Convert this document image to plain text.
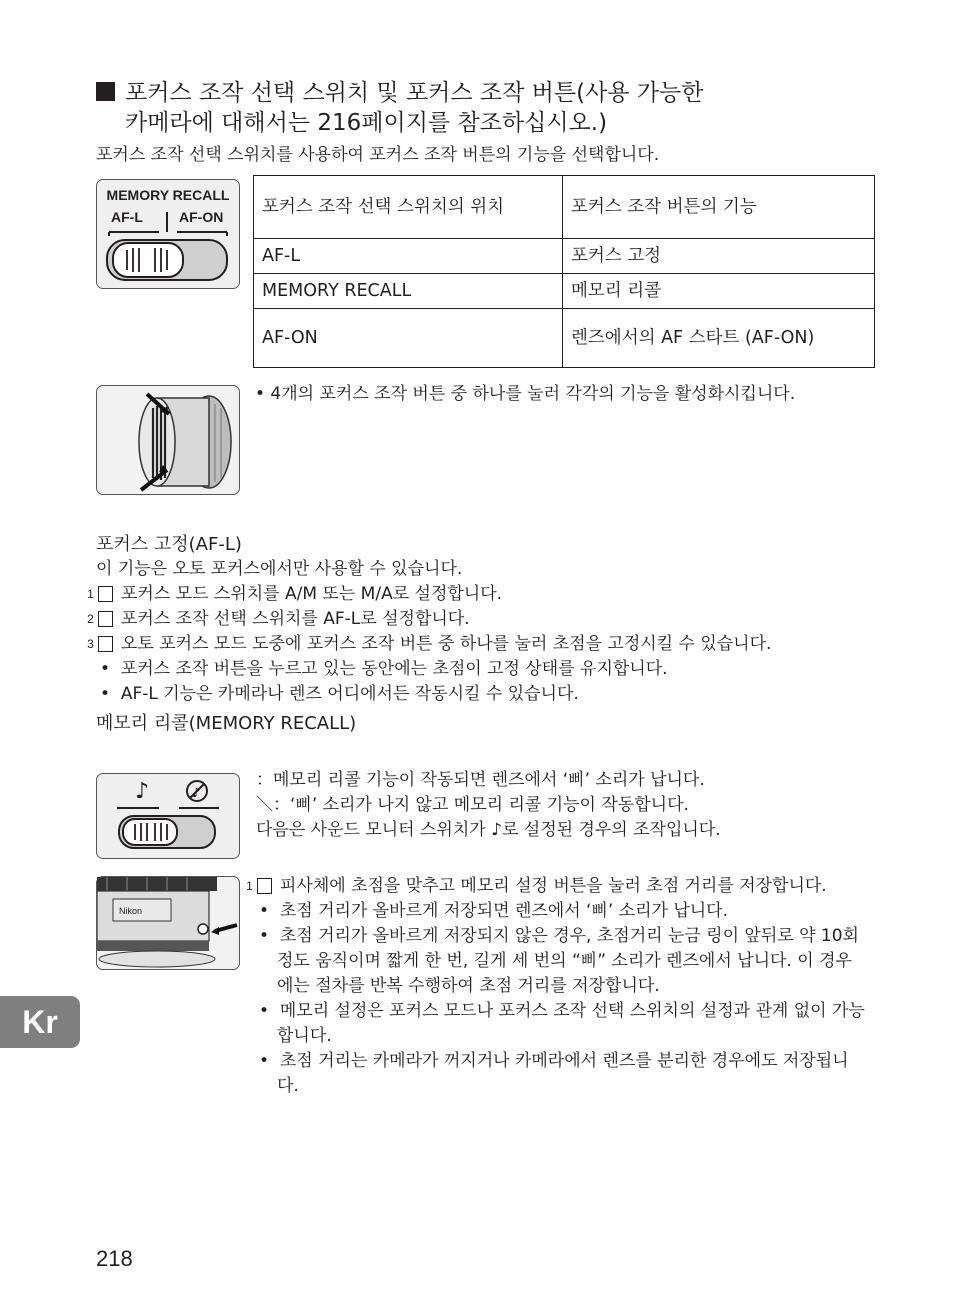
포커스 조작 선택 스위치 및 포커스 조작 버튼(사용 가능한
카메라에 대해서는 216페이지를 참조하십시오.)
포커스 조작 선택 스위치를 사용하여 포커스 조작 버튼의 기능을 선택합니다.
MEMORY RECALL
AF-L	AF-ON
포커스 조작 선택 스위치의 위치	포커스 조작 버튼의 기능
AF-L	포커스 고정
MEMORY RECALL	메모리 리콜
AF-ON	렌즈에서의 AF 스타트 (AF-ON)
• 4개의 포커스 조작 버튼 중 하나를 눌러 각각의 기능을 활성화시킵니다.
포커스 고정(AF-L)
이 기능은 오토 포커스에서만 사용할 수 있습니다.
1 포커스 모드 스위치를 A/M 또는 M/A로 설정합니다.
2 포커스 조작 선택 스위치를 AF-L로 설정합니다.
3 오토 포커스 모드 도중에 포커스 조작 버튼 중 하나를 눌러 초점을 고정시킬 수 있습니다.
•  포커스 조작 버튼을 누르고 있는 동안에는 초점이 고정 상태를 유지합니다.
•  AF-L 기능은 카메라나 렌즈 어디에서든 작동시킬 수 있습니다.
메모리 리콜(MEMORY RECALL)
♪	♪
：메모리 리콜 기능이 작동되면 렌즈에서 ‘삐’ 소리가 납니다.
＼：‘삐’ 소리가 나지 않고 메모리 리콜 기능이 작동합니다.
다음은 사운드 모니터 스위치가 ♪로 설정된 경우의 조작입니다.
Nikon
1 피사체에 초점을 맞추고 메모리 설정 버튼을 눌러 초점 거리를 저장합니다.
•  초점 거리가 올바르게 저장되면 렌즈에서 ‘삐’ 소리가 납니다.
•  초점 거리가 올바르게 저장되지 않은 경우, 초점거리 눈금 링이 앞뒤로 약 10회 정도 움직이며 짧게 한 번, 길게 세 번의 “삐” 소리가 렌즈에서 납니다. 이 경우에는 절차를 반복 수행하여 초점 거리를 저장합니다.
•  메모리 설정은 포커스 모드나 포커스 조작 선택 스위치의 설정과 관계 없이 가능합니다.
•  초점 거리는 카메라가 꺼지거나 카메라에서 렌즈를 분리한 경우에도 저장됩니다.
Kr
218
